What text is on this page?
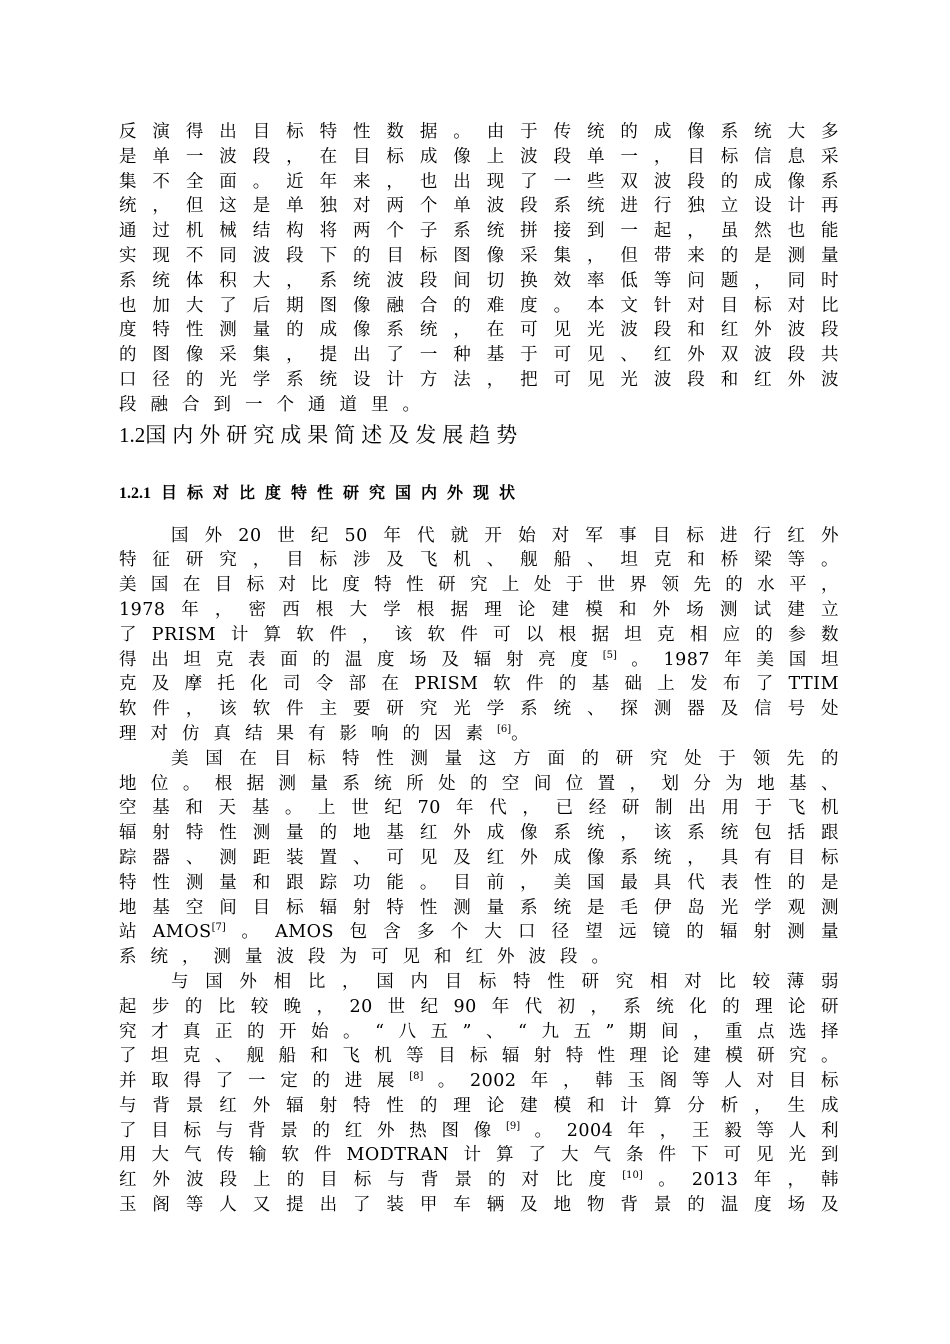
反演得出目标特性数据。由于传统的成像系统大多
是单一波段，在目标成像上波段单一，目标信息采
集不全面。近年来，也出现了一些双波段的成像系
统，但这是单独对两个单波段系统进行独立设计再
通过机械结构将两个子系统拼接到一起，虽然也能
实现不同波段下的目标图像采集，但带来的是测量
系统体积大，系统波段间切换效率低等问题，同时
也加大了后期图像融合的难度。本文针对目标对比
度特性测量的成像系统，在可见光波段和红外波段
的图像采集，提出了一种基于可见、红外双波段共
口径的光学系统设计方法，把可见光波段和红外波
段融合到一个通道里。
1.2国内外研究成果简述及发展趋势
1.2.1 目标对比度特性研究国内外现状
国外20世纪50年代就开始对军事目标进行红外
特征研究，目标涉及飞机、舰船、坦克和桥梁等。
美国在目标对比度特性研究上处于世界领先的水平，
1978年，密西根大学根据理论建模和外场测试建立
了PRISM计算软件，该软件可以根据坦克相应的参数
得出坦克表面的温度场及辐射亮度[5]。1987年美国坦
克及摩托化司令部在PRISM软件的基础上发布了TTIM
软件，该软件主要研究光学系统、探测器及信号处
理对仿真结果有影响的因素[6]。
美国在目标特性测量这方面的研究处于领先的
地位。根据测量系统所处的空间位置，划分为地基、
空基和天基。上世纪70年代，已经研制出用于飞机
辐射特性测量的地基红外成像系统，该系统包括跟
踪器、测距装置、可见及红外成像系统，具有目标
特性测量和跟踪功能。目前，美国最具代表性的是
地基空间目标辐射特性测量系统是毛伊岛光学观测
站AMOS[7]。AMOS包含多个大口径望远镜的辐射测量
系统，测量波段为可见和红外波段。
与国外相比，国内目标特性研究相对比较薄弱
起步的比较晚，20世纪90年代初，系统化的理论研
究才真正的开始。“八五”、“九五”期间，重点选择
了坦克、舰船和飞机等目标辐射特性理论建模研究。
并取得了一定的进展[8]。2002年，韩玉阁等人对目标
与背景红外辐射特性的理论建模和计算分析，生成
了目标与背景的红外热图像[9]。2004年，王毅等人利
用大气传输软件MODTRAN计算了大气条件下可见光到
红外波段上的目标与背景的对比度[10]。2013年，韩
玉阁等人又提出了装甲车辆及地物背景的温度场及
